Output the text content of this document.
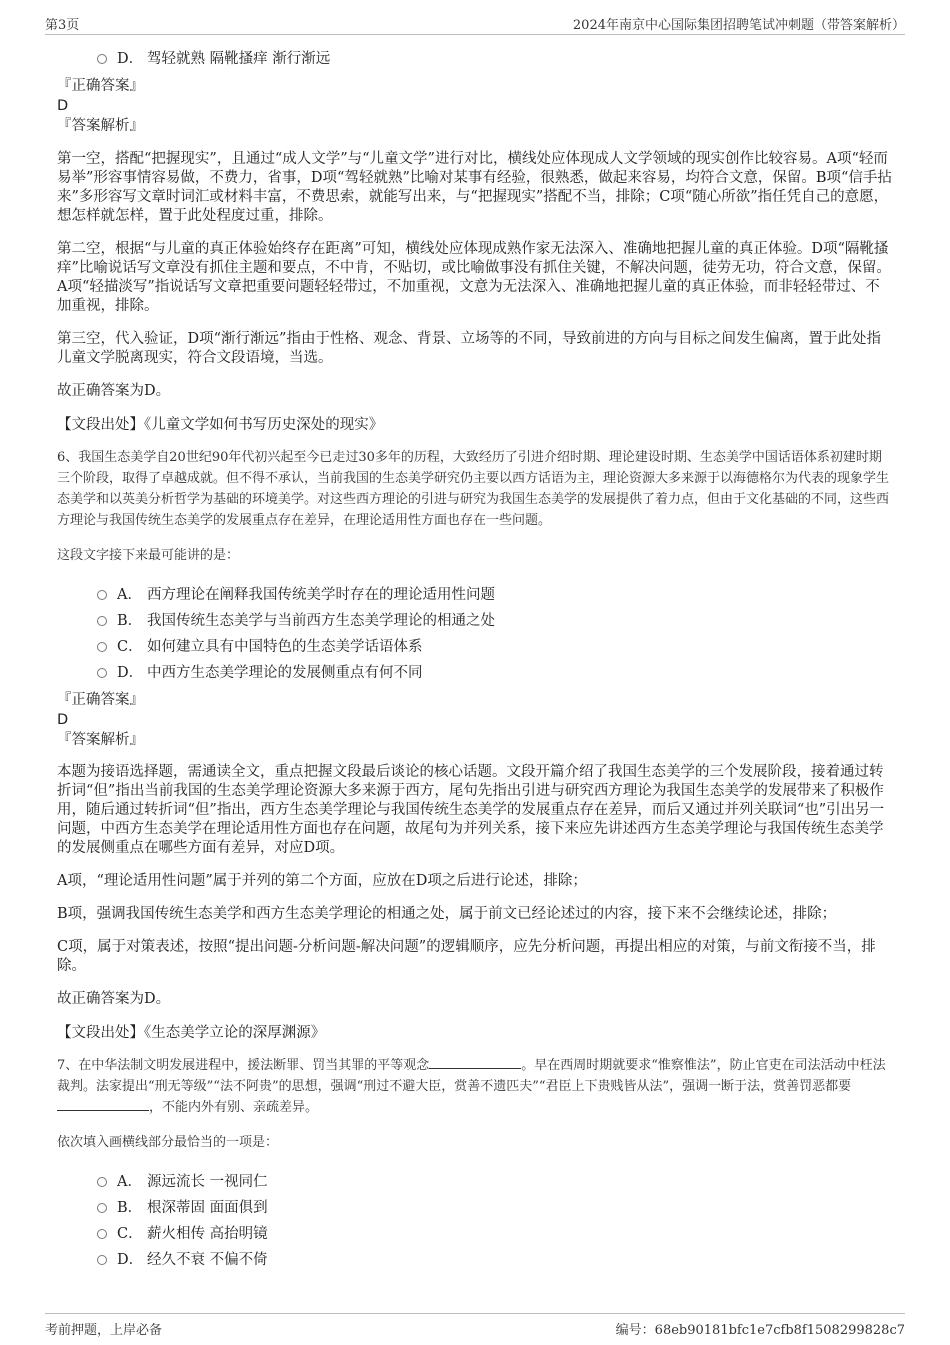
第3页	2024年南京中心国际集团招聘笔试冲刺题（带答案解析）
D． 驾轻就熟 隔靴搔痒 渐行渐远

『正确答案』

D

『答案解析』

第一空，搭配“把握现实”，且通过“成人文学”与“儿童文学”进行对比，横线处应体现成人文学领域的现实创作比较容易。A项“轻而易举”形容事情容易做，不费力，省事，D项“驾轻就熟”比喻对某事有经验，很熟悉，做起来容易，均符合文意，保留。B项“信手拈来”多形容写文章时词汇或材料丰富，不费思索，就能写出来，与“把握现实”搭配不当，排除；C项“随心所欲”指任凭自己的意愿，想怎样就怎样，置于此处程度过重，排除。

第二空，根据“与儿童的真正体验始终存在距离”可知，横线处应体现成熟作家无法深入、准确地把握儿童的真正体验。D项“隔靴搔痒”比喻说话写文章没有抓住主题和要点，不中肯，不贴切，或比喻做事没有抓住关键，不解决问题，徒劳无功，符合文意，保留。A项“轻描淡写”指说话写文章把重要问题轻轻带过，不加重视，文意为无法深入、准确地把握儿童的真正体验，而非轻轻带过、不加重视，排除。

第三空，代入验证，D项“渐行渐远”指由于性格、观念、背景、立场等的不同，导致前进的方向与目标之间发生偏离，置于此处指儿童文学脱离现实，符合文段语境，当选。

故正确答案为D。

【文段出处】《儿童文学如何书写历史深处的现实》

6、我国生态美学自20世纪90年代初兴起至今已走过30多年的历程，大致经历了引进介绍时期、理论建设时期、生态美学中国话语体系初建时期三个阶段，取得了卓越成就。但不得不承认，当前我国的生态美学研究仍主要以西方话语为主，理论资源大多来源于以海德格尔为代表的现象学生态美学和以英美分析哲学为基础的环境美学。对这些西方理论的引进与研究为我国生态美学的发展提供了着力点，但由于文化基础的不同，这些西方理论与我国传统生态美学的发展重点存在差异，在理论适用性方面也存在一些问题。

这段文字接下来最可能讲的是：

A． 西方理论在阐释我国传统美学时存在的理论适用性问题
B． 我国传统生态美学与当前西方生态美学理论的相通之处
C． 如何建立具有中国特色的生态美学话语体系
D． 中西方生态美学理论的发展侧重点有何不同

『正确答案』

D

『答案解析』

本题为接语选择题，需通读全文，重点把握文段最后谈论的核心话题。文段开篇介绍了我国生态美学的三个发展阶段，接着通过转折词“但”指出当前我国的生态美学理论资源大多来源于西方，尾句先指出引进与研究西方理论为我国生态美学的发展带来了积极作用，随后通过转折词“但”指出，西方生态美学理论与我国传统生态美学的发展重点存在差异，而后又通过并列关联词“也”引出另一问题，中西方生态美学在理论适用性方面也存在问题，故尾句为并列关系，接下来应先讲述西方生态美学理论与我国传统生态美学的发展侧重点在哪些方面有差异，对应D项。

A项，“理论适用性问题”属于并列的第二个方面，应放在D项之后进行论述，排除；

B项，强调我国传统生态美学和西方生态美学理论的相通之处，属于前文已经论述过的内容，接下来不会继续论述，排除；

C项，属于对策表述，按照“提出问题-分析问题-解决问题”的逻辑顺序，应先分析问题，再提出相应的对策，与前文衔接不当，排除。

故正确答案为D。

【文段出处】《生态美学立论的深厚渊源》

7、在中华法制文明发展进程中，援法断罪、罚当其罪的平等观念	。早在西周时期就要求“惟察惟法”，防止官吏在司法活动中枉法裁判。法家提出“刑无等级”“法不阿贵”的思想，强调“刑过不避大臣，赏善不遗匹夫”“君臣上下贵贱皆从法”，强调一断于法，赏善罚恶都要，不能内外有别、亲疏差异。

依次填入画横线部分最恰当的一项是：

A． 源远流长 一视同仁
B． 根深蒂固 面面俱到
C． 薪火相传 高抬明镜
D． 经久不衰 不偏不倚
考前押题，上岸必备	编号：68eb90181bfc1e7cfb8f1508299828c7
